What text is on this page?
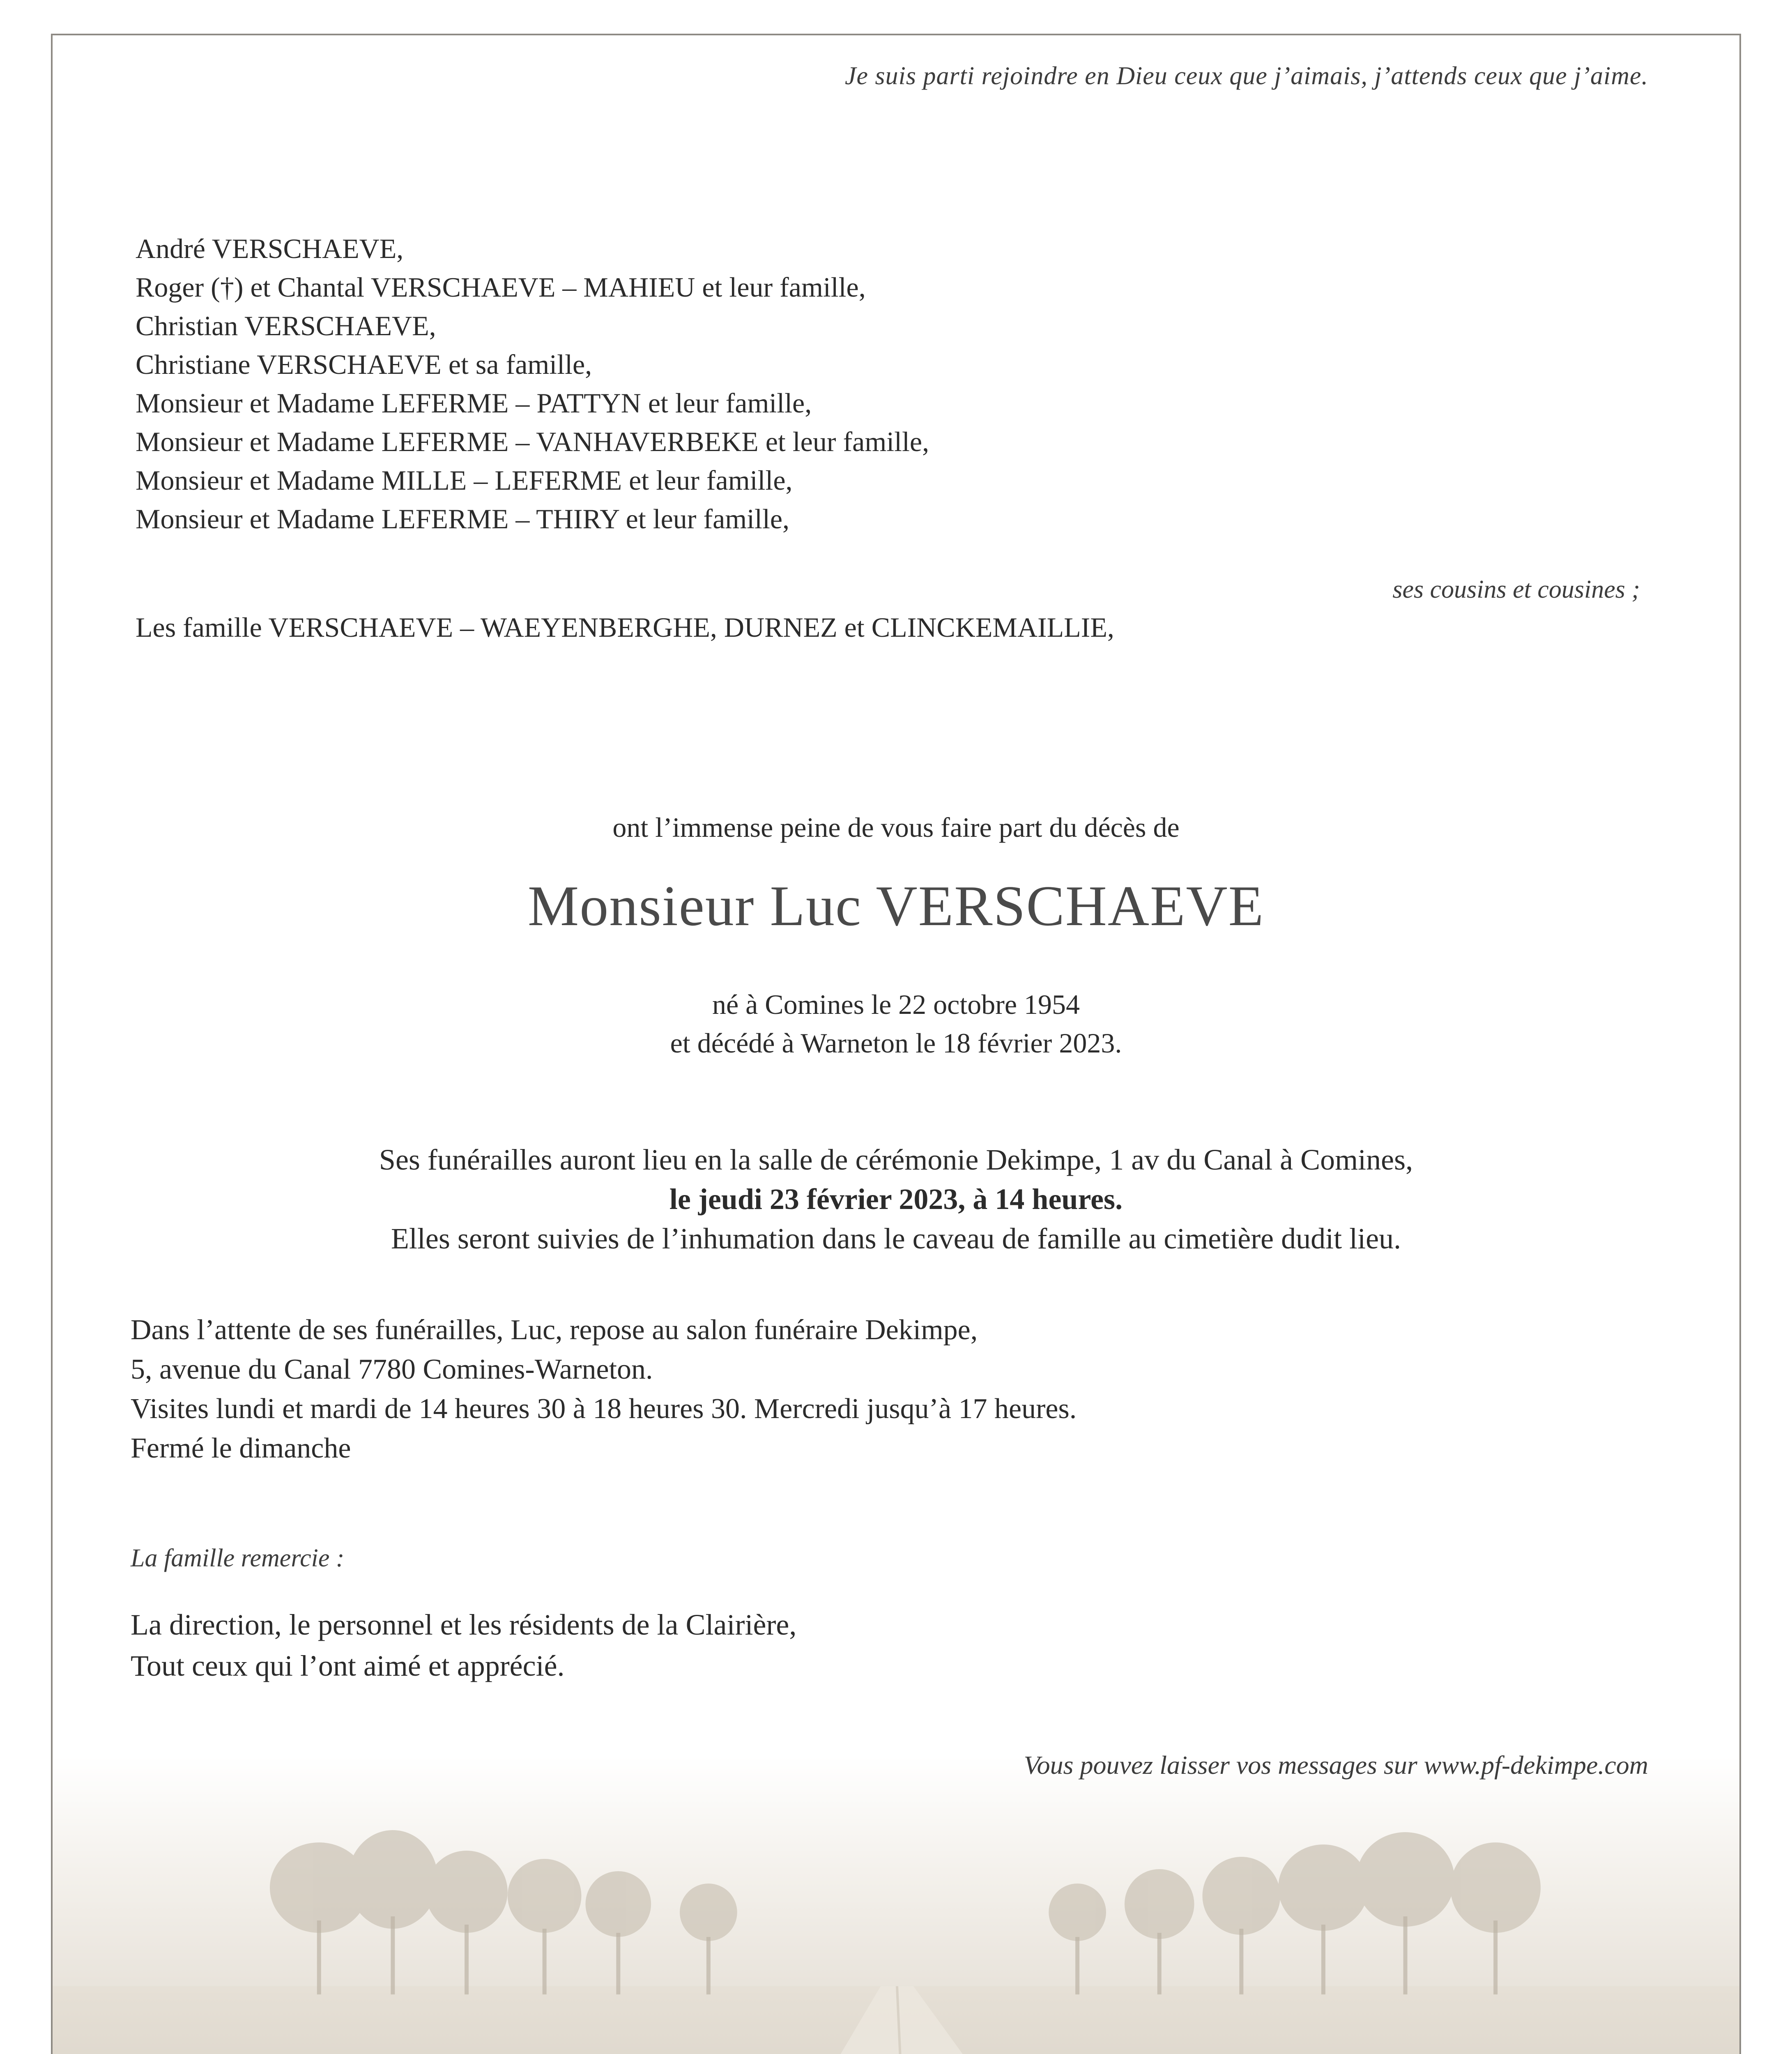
Je suis parti rejoindre en Dieu ceux que j’aimais, j’attends ceux que j’aime.

André VERSCHAEVE,
Roger (†) et Chantal VERSCHAEVE – MAHIEU et leur famille,
Christian VERSCHAEVE,
Christiane VERSCHAEVE et sa famille,
Monsieur et Madame LEFERME – PATTYN et leur famille,
Monsieur et Madame LEFERME – VANHAVERBEKE et leur famille,
Monsieur et Madame MILLE – LEFERME et leur famille,
Monsieur et Madame LEFERME – THIRY et leur famille,

ses cousins et cousines ;

Les famille VERSCHAEVE – WAEYENBERGHE, DURNEZ et CLINCKEMAILLIE,

ont l’immense peine de vous faire part du décès de

Monsieur Luc VERSCHAEVE

né à Comines le 22 octobre 1954
et décédé à Warneton le 18 février 2023.
Ses funérailles auront lieu en la salle de cérémonie Dekimpe, 1 av du Canal à Comines,
le jeudi 23 février 2023, à 14 heures.
Elles seront suivies de l’inhumation dans le caveau de famille au cimetière dudit lieu.
Dans l’attente de ses funérailles, Luc, repose au salon funéraire Dekimpe,
5, avenue du Canal 7780 Comines-Warneton.
Visites lundi et mardi de 14 heures 30 à 18 heures 30. Mercredi jusqu’à 17 heures.
Fermé le dimanche

La famille remercie :

La direction, le personnel et les résidents de la Clairière,
Tout ceux qui l’ont aimé et apprécié.

Vous pouvez laisser vos messages sur www.pf-dekimpe.com
